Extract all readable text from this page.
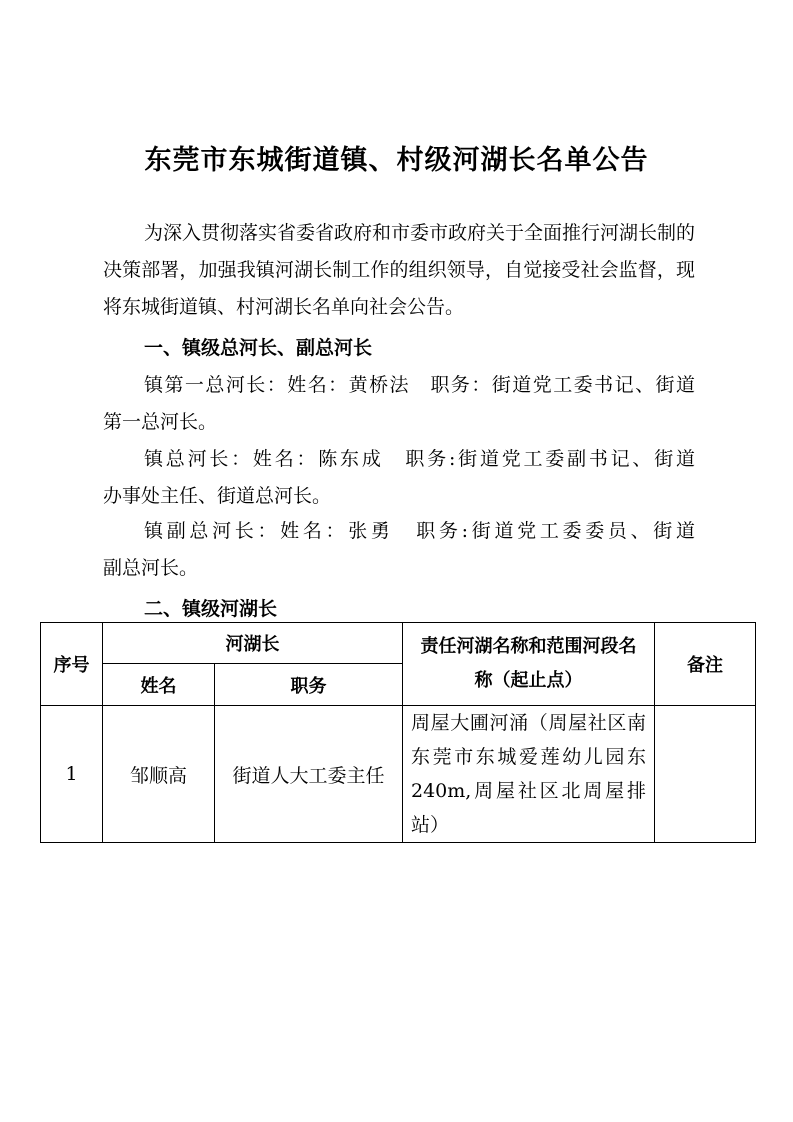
东莞市东城街道镇、村级河湖长名单公告
为深入贯彻落实省委省政府和市委市政府关于全面推行河湖长制的决策部署，加强我镇河湖长制工作的组织领导，自觉接受社会监督，现将东城街道镇、村河湖长名单向社会公告。
一、镇级总河长、副总河长
镇第一总河长：姓名：黄桥法　职务：街道党工委书记、街道
第一总河长。
镇总河长：姓名：陈东成　职务:街道党工委副书记、街道
办事处主任、街道总河长。
镇副总河长：姓名：张勇　职务:街道党工委委员、街道
副总河长。
二、镇级河湖长
序号	河湖长		责任河湖名称和范围河段名称（起止点）	备注
	姓名	职务		
1	邹顺高	街道人大工委主任	周屋大圃河涌（周屋社区南东莞市东城爱莲幼儿园东240m,周屋社区北周屋排站）	
